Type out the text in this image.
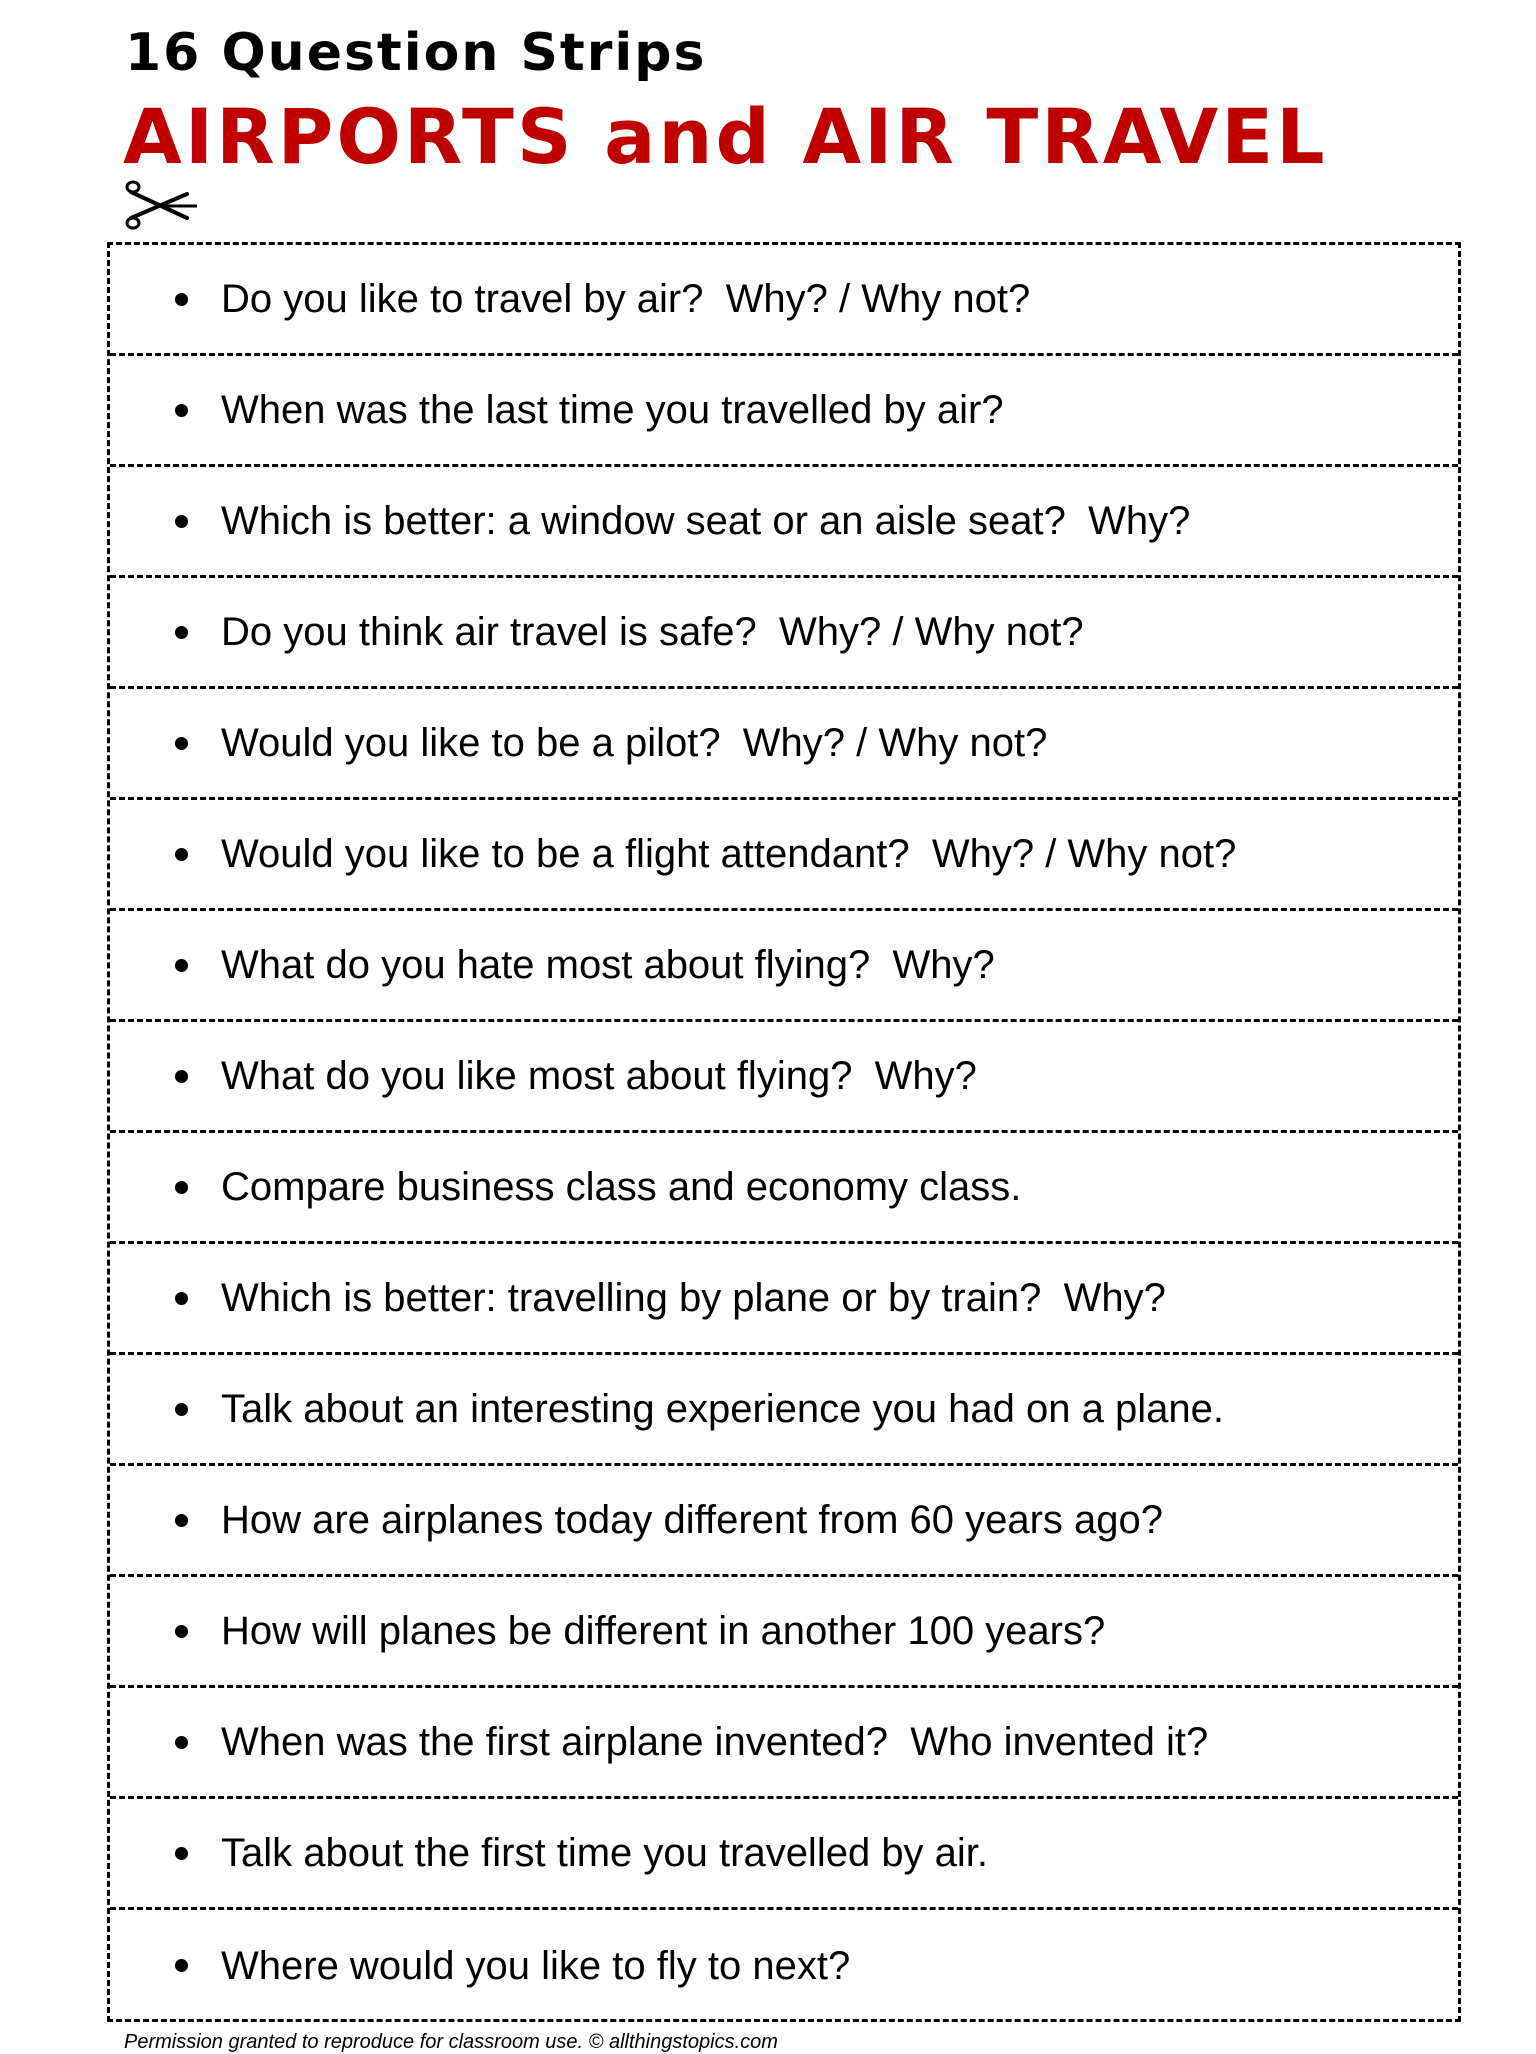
16 Question Strips
AIRPORTS and AIR TRAVEL
Do you like to travel by air?  Why? / Why not?
When was the last time you travelled by air?
Which is better: a window seat or an aisle seat?  Why?
Do you think air travel is safe?  Why? / Why not?
Would you like to be a pilot?  Why? / Why not?
Would you like to be a flight attendant?  Why? / Why not?
What do you hate most about flying?  Why?
What do you like most about flying?  Why?
Compare business class and economy class.
Which is better: travelling by plane or by train?  Why?
Talk about an interesting experience you had on a plane.
How are airplanes today different from 60 years ago?
How will planes be different in another 100 years?
When was the first airplane invented?  Who invented it?
Talk about the first time you travelled by air.
Where would you like to fly to next?
Permission granted to reproduce for classroom use. © allthingstopics.com
